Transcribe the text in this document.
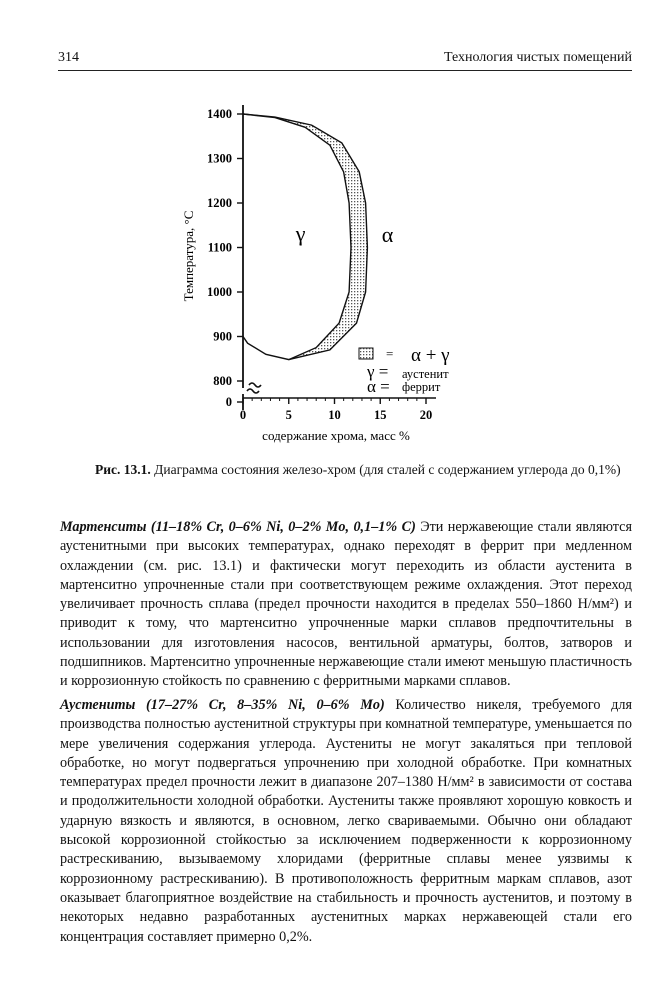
314	Технология чистых помещений
0
800
900
1000
1100
1200
1300
1400
0	5	10	15	20
γ	α
Температура, °С
содержание хрома, масс %
= α + γ
γ = аустенит
α = феррит
Рис. 13.1. Диаграмма состояния железо-хром (для сталей с содержанием углерода до 0,1%)

Мартенситы (11–18% Cr, 0–6% Ni, 0–2% Mo, 0,1–1% C) Эти нержавеющие стали являются аустенитными при высоких температурах, однако переходят в феррит при медленном охлаждении (см. рис. 13.1) и фактически могут переходить из области аустенита в мартенситно упрочненные стали при соответствующем режиме охлаждения. Этот переход увеличивает прочность сплава (предел прочности находится в пределах 550–1860 Н/мм²) и приводит к тому, что мартенситно упрочненные марки сплавов предпочтительны в использовании для изготовления насосов, вентильной арматуры, болтов, затворов и подшипников. Мартенситно упрочненные нержавеющие стали имеют меньшую пластичность и коррозионную стойкость по сравнению с ферритными марками сплавов.

Аустениты (17–27% Cr, 8–35% Ni, 0–6% Mo) Количество никеля, требуемого для производства полностью аустенитной структуры при комнатной температуре, уменьшается по мере увеличения содержания углерода. Аустениты не могут закаляться при тепловой обработке, но могут подвергаться упрочнению при холодной обработке. При комнатных температурах предел прочности лежит в диапазоне 207–1380 Н/мм² в зависимости от состава и продолжительности холодной обработки. Аустениты также проявляют хорошую ковкость и ударную вязкость и являются, в основном, легко свариваемыми. Обычно они обладают высокой коррозионной стойкостью за исключением подверженности к коррозионному растрескиванию, вызываемому хлоридами (ферритные сплавы менее уязвимы к коррозионному растрескиванию). В противоположность ферритным маркам сплавов, азот оказывает благоприятное воздействие на стабильность и прочность аустенитов, и поэтому в некоторых недавно разработанных аустенитных марках нержавеющей стали его концентрация составляет примерно 0,2%.
